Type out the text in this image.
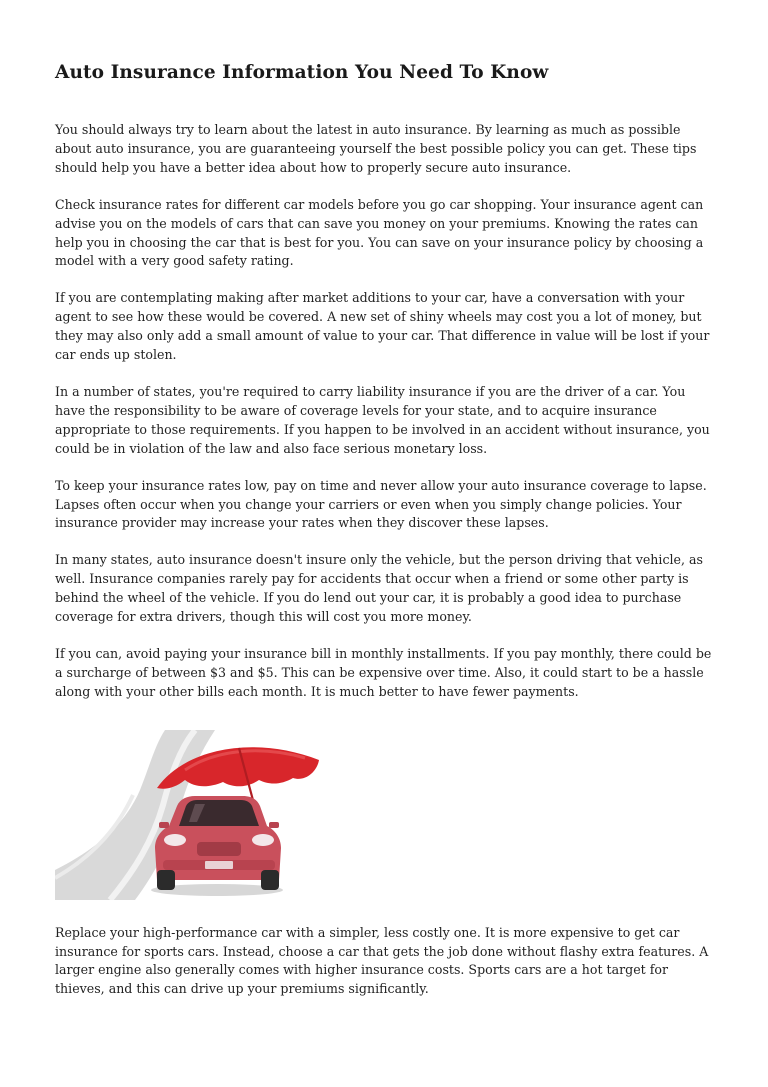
Auto Insurance Information You Need To Know

You should always try to learn about the latest in auto insurance. By learning as much as possible about auto insurance, you are guaranteeing yourself the best possible policy you can get. These tips should help you have a better idea about how to properly secure auto insurance.

Check insurance rates for different car models before you go car shopping. Your insurance agent can advise you on the models of cars that can save you money on your premiums. Knowing the rates can help you in choosing the car that is best for you. You can save on your insurance policy by choosing a model with a very good safety rating.

If you are contemplating making after market additions to your car, have a conversation with your agent to see how these would be covered. A new set of shiny wheels may cost you a lot of money, but they may also only add a small amount of value to your car. That difference in value will be lost if your car ends up stolen.

In a number of states, you're required to carry liability insurance if you are the driver of a car. You have the responsibility to be aware of coverage levels for your state, and to acquire insurance appropriate to those requirements. If you happen to be involved in an accident without insurance, you could be in violation of the law and also face serious monetary loss.

To keep your insurance rates low, pay on time and never allow your auto insurance coverage to lapse. Lapses often occur when you change your carriers or even when you simply change policies. Your insurance provider may increase your rates when they discover these lapses.

In many states, auto insurance doesn't insure only the vehicle, but the person driving that vehicle, as well. Insurance companies rarely pay for accidents that occur when a friend or some other party is behind the wheel of the vehicle. If you do lend out your car, it is probably a good idea to purchase coverage for extra drivers, though this will cost you more money.

If you can, avoid paying your insurance bill in monthly installments. If you pay monthly, there could be a surcharge of between $3 and $5. This can be expensive over time. Also, it could start to be a hassle along with your other bills each month. It is much better to have fewer payments.

Replace your high-performance car with a simpler, less costly one. It is more expensive to get car insurance for sports cars. Instead, choose a car that gets the job done without flashy extra features. A larger engine also generally comes with higher insurance costs. Sports cars are a hot target for thieves, and this can drive up your premiums significantly.
